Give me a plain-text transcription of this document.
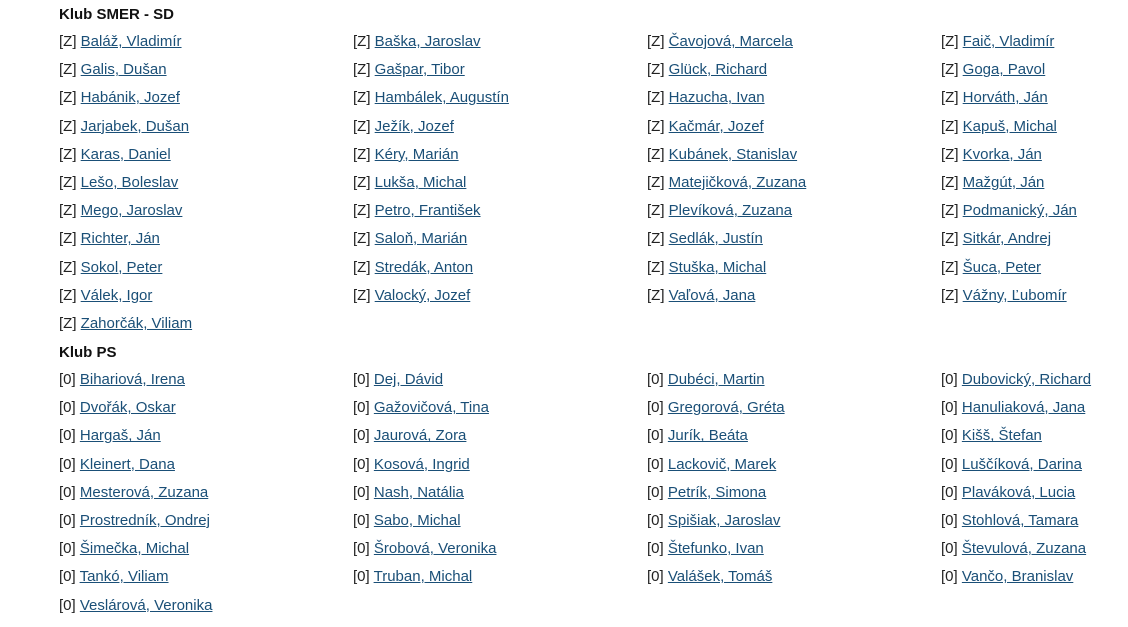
Klub SMER - SD
[Z] Baláž, Vladimír	[Z] Baška, Jaroslav	[Z] Čavojová, Marcela	[Z] Faič, Vladimír
[Z] Galis, Dušan	[Z] Gašpar, Tibor	[Z] Glück, Richard	[Z] Goga, Pavol
[Z] Habánik, Jozef	[Z] Hambálek, Augustín	[Z] Hazucha, Ivan	[Z] Horváth, Ján
[Z] Jarjabek, Dušan	[Z] Ježík, Jozef	[Z] Kačmár, Jozef	[Z] Kapuš, Michal
[Z] Karas, Daniel	[Z] Kéry, Marián	[Z] Kubánek, Stanislav	[Z] Kvorka, Ján
[Z] Lešo, Boleslav	[Z] Lukša, Michal	[Z] Matejičková, Zuzana	[Z] Mažgút, Ján
[Z] Mego, Jaroslav	[Z] Petro, František	[Z] Plevíková, Zuzana	[Z] Podmanický, Ján
[Z] Richter, Ján	[Z] Saloň, Marián	[Z] Sedlák, Justín	[Z] Sitkár, Andrej
[Z] Sokol, Peter	[Z] Stredák, Anton	[Z] Stuška, Michal	[Z] Šuca, Peter
[Z] Válek, Igor	[Z] Valocký, Jozef	[Z] Vaľová, Jana	[Z] Vážny, Ľubomír
[Z] Zahorčák, Viliam
Klub PS
[0] Bihariová, Irena	[0] Dej, Dávid	[0] Dubéci, Martin	[0] Dubovický, Richard
[0] Dvořák, Oskar	[0] Gažovičová, Tina	[0] Gregorová, Gréta	[0] Hanuliaková, Jana
[0] Hargaš, Ján	[0] Jaurová, Zora	[0] Jurík, Beáta	[0] Kišš, Štefan
[0] Kleinert, Dana	[0] Kosová, Ingrid	[0] Lackovič, Marek	[0] Luščíková, Darina
[0] Mesterová, Zuzana	[0] Nash, Natália	[0] Petrík, Simona	[0] Plaváková, Lucia
[0] Prostredník, Ondrej	[0] Sabo, Michal	[0] Spišiak, Jaroslav	[0] Stohlová, Tamara
[0] Šimečka, Michal	[0] Šrobová, Veronika	[0] Štefunko, Ivan	[0] Števulová, Zuzana
[0] Tankó, Viliam	[0] Truban, Michal	[0] Valášek, Tomáš	[0] Vančo, Branislav
[0] Veslárová, Veronika
